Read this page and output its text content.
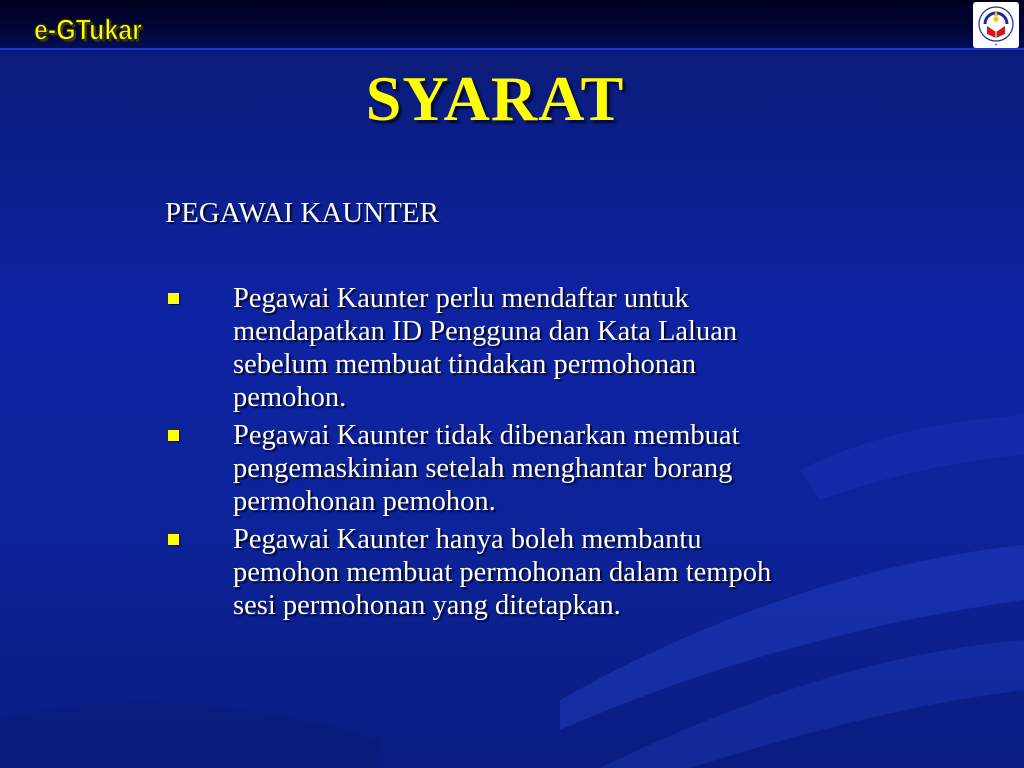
e-GTukar	✦
SYARAT
PEGAWAI KAUNTER
Pegawai Kaunter perlu mendaftar untuk mendapatkan ID Pengguna dan Kata Laluan sebelum membuat tindakan permohonan pemohon.
Pegawai Kaunter tidak dibenarkan membuat pengemaskinian setelah menghantar borang permohonan pemohon.
Pegawai Kaunter hanya boleh membantu pemohon membuat permohonan dalam tempoh sesi permohonan yang ditetapkan.
